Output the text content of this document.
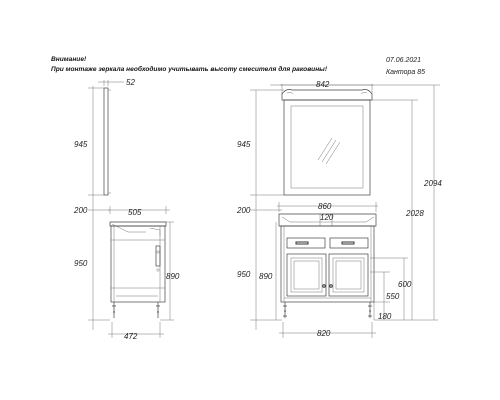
Внимание!
При монтаже зеркала необходимо учитывать высоту смесителя для раковины!
07.06.2021
Кантора 85
52
945
200
950
505
890
472
842
945
200
950 890
860
120
820
2094
2028
600
550
180
